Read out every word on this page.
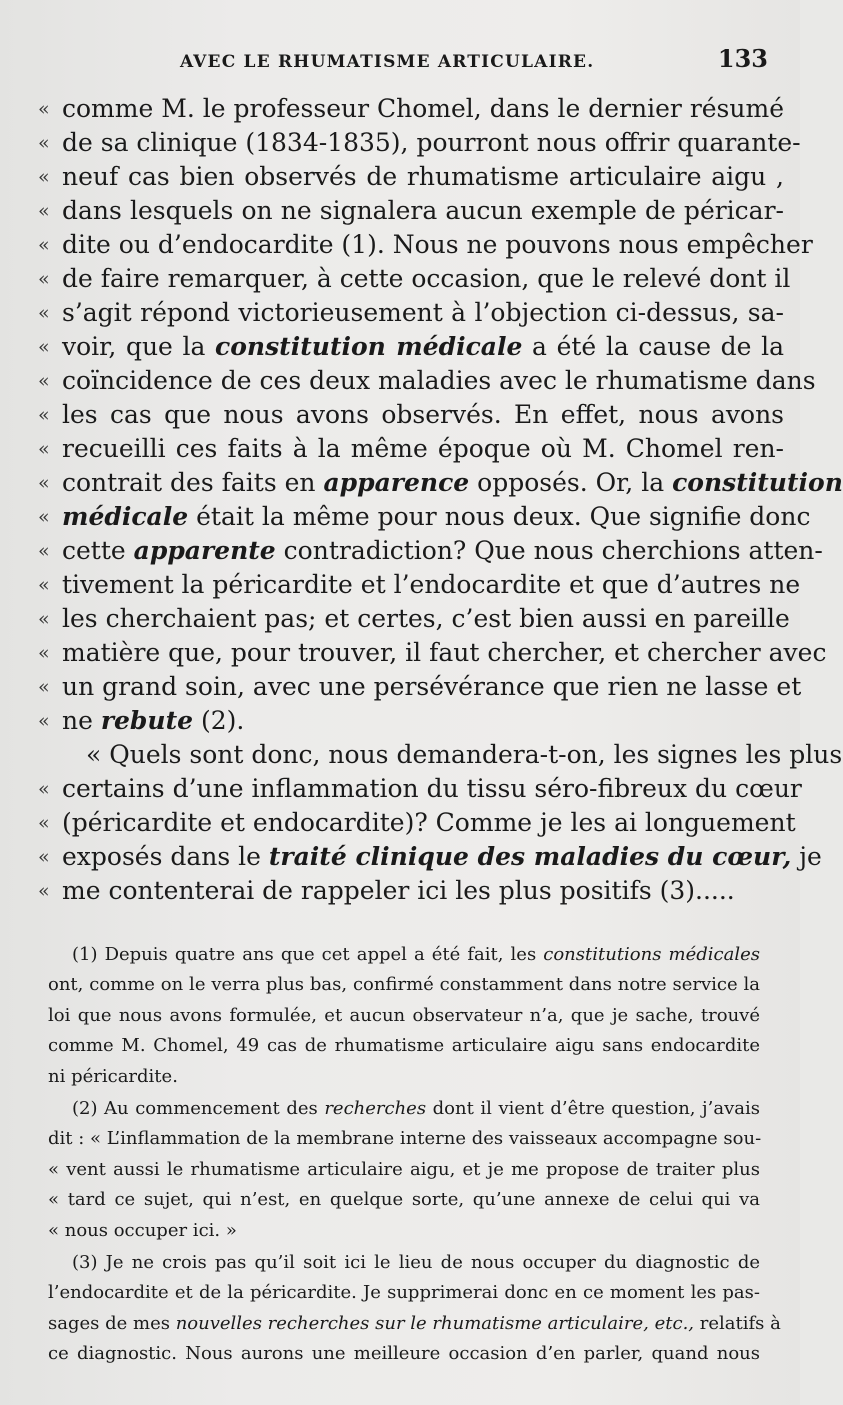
AVEC LE RHUMATISME ARTICULAIRE.	133
« comme M. le professeur Chomel, dans le dernier résumé
« de sa clinique (1834-1835), pourront nous offrir quarante-
« neuf cas bien observés de rhumatisme articulaire aigu ,
« dans lesquels on ne signalera aucun exemple de péricar-
« dite ou d’endocardite (1). Nous ne pouvons nous empêcher
« de faire remarquer, à cette occasion, que le relevé dont il
« s’agit répond victorieusement à l’objection ci-dessus, sa-
« voir, que la constitution médicale a été la cause de la
« coïncidence de ces deux maladies avec le rhumatisme dans
« les cas que nous avons observés. En effet, nous avons
« recueilli ces faits à la même époque où M. Chomel ren-
« contrait des faits en apparence opposés. Or, la constitution
« médicale était la même pour nous deux. Que signifie donc
« cette apparente contradiction? Que nous cherchions atten-
« tivement la péricardite et l’endocardite et que d’autres ne
« les cherchaient pas; et certes, c’est bien aussi en pareille
« matière que, pour trouver, il faut chercher, et chercher avec
« un grand soin, avec une persévérance que rien ne lasse et
« ne rebute (2).
« Quels sont donc, nous demandera-t-on, les signes les plus
« certains d’une inflammation du tissu séro-fibreux du cœur
« (péricardite et endocardite)? Comme je les ai longuement
« exposés dans le traité clinique des maladies du cœur, je
« me contenterai de rappeler ici les plus positifs (3).....
(1) Depuis quatre ans que cet appel a été fait, les constitutions médicales
ont, comme on le verra plus bas, confirmé constamment dans notre service la
loi que nous avons formulée, et aucun observateur n’a, que je sache, trouvé
comme M. Chomel, 49 cas de rhumatisme articulaire aigu sans endocardite
ni péricardite.
(2) Au commencement des recherches dont il vient d’être question, j’avais
dit : « L’inflammation de la membrane interne des vaisseaux accompagne sou-
« vent aussi le rhumatisme articulaire aigu, et je me propose de traiter plus
« tard ce sujet, qui n’est, en quelque sorte, qu’une annexe de celui qui va
« nous occuper ici. »
(3) Je ne crois pas qu’il soit ici le lieu de nous occuper du diagnostic de
l’endocardite et de la péricardite. Je supprimerai donc en ce moment les pas-
sages de mes nouvelles recherches sur le rhumatisme articulaire, etc., relatifs à
ce diagnostic. Nous aurons une meilleure occasion d’en parler, quand nous
